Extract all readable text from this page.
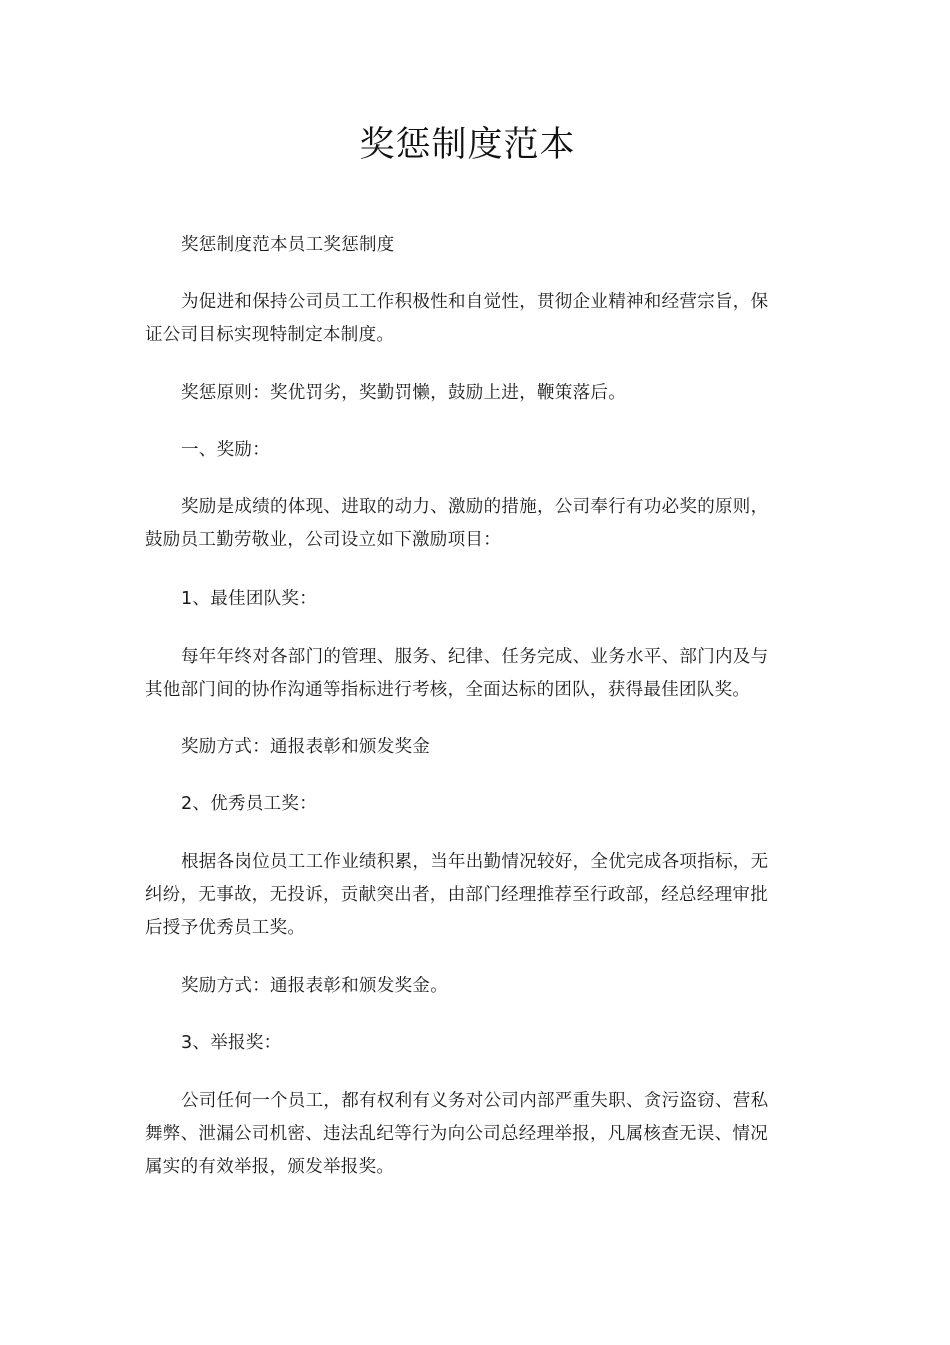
奖惩制度范本

奖惩制度范本员工奖惩制度

为促进和保持公司员工工作积极性和自觉性，贯彻企业精神和经营宗旨，保证公司目标实现特制定本制度。

奖惩原则：奖优罚劣，奖勤罚懒，鼓励上进，鞭策落后。

一、奖励：

奖励是成绩的体现、进取的动力、激励的措施，公司奉行有功必奖的原则，鼓励员工勤劳敬业，公司设立如下激励项目：

1、最佳团队奖：

每年年终对各部门的管理、服务、纪律、任务完成、业务水平、部门内及与其他部门间的协作沟通等指标进行考核，全面达标的团队，获得最佳团队奖。

奖励方式：通报表彰和颁发奖金

2、优秀员工奖：

根据各岗位员工工作业绩积累，当年出勤情况较好，全优完成各项指标，无纠纷，无事故，无投诉，贡献突出者，由部门经理推荐至行政部，经总经理审批后授予优秀员工奖。

奖励方式：通报表彰和颁发奖金。

3、举报奖：

公司任何一个员工，都有权利有义务对公司内部严重失职、贪污盗窃、营私舞弊、泄漏公司机密、违法乱纪等行为向公司总经理举报，凡属核查无误、情况属实的有效举报，颁发举报奖。
